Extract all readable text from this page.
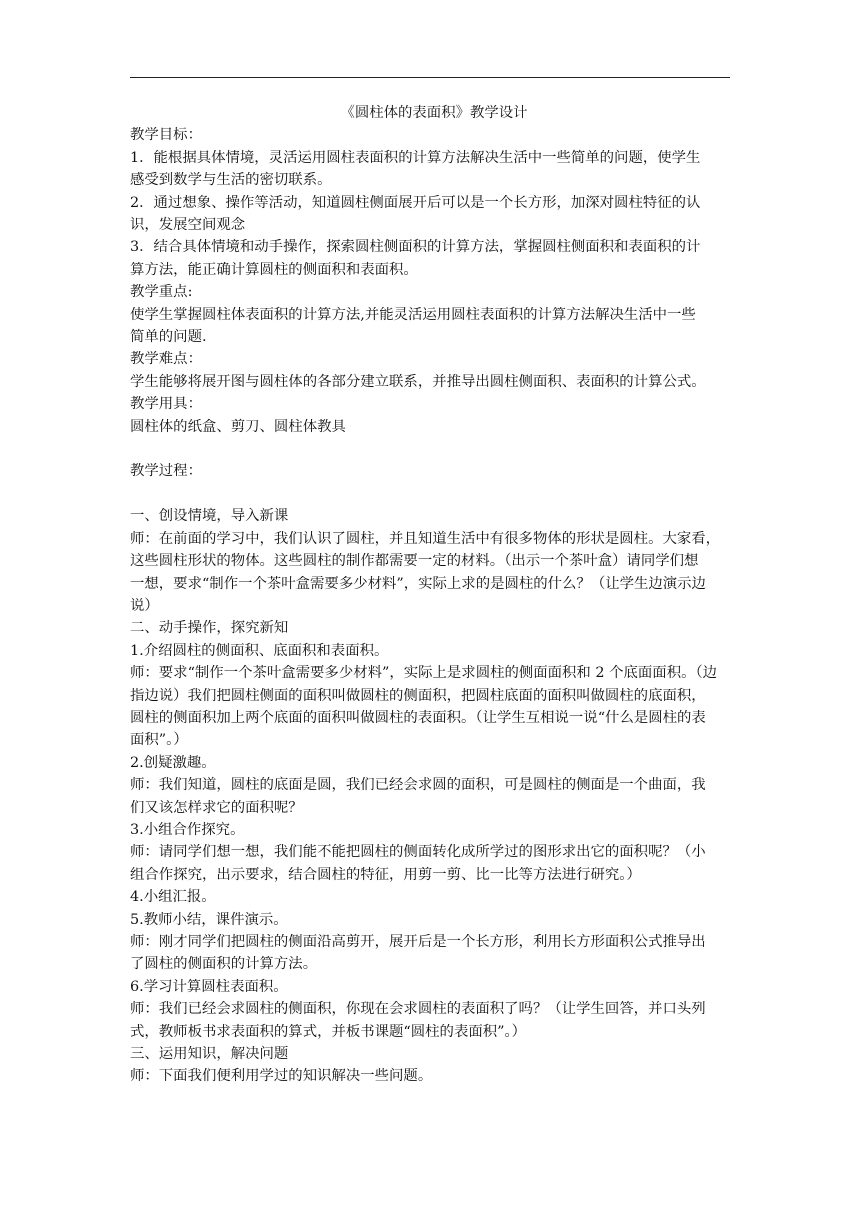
《圆柱体的表面积》教学设计
教学目标：
1．能根据具体情境，灵活运用圆柱表面积的计算方法解决生活中一些简单的问题，使学生
感受到数学与生活的密切联系。
2．通过想象、操作等活动，知道圆柱侧面展开后可以是一个长方形，加深对圆柱特征的认
识，发展空间观念
3．结合具体情境和动手操作，探索圆柱侧面积的计算方法，掌握圆柱侧面积和表面积的计
算方法，能正确计算圆柱的侧面积和表面积。
教学重点:
使学生掌握圆柱体表面积的计算方法,并能灵活运用圆柱表面积的计算方法解决生活中一些
简单的问题.
教学难点：
学生能够将展开图与圆柱体的各部分建立联系，并推导出圆柱侧面积、表面积的计算公式。
教学用具：
圆柱体的纸盒、剪刀、圆柱体教具
教学过程：
一、创设情境，导入新课
师：在前面的学习中，我们认识了圆柱，并且知道生活中有很多物体的形状是圆柱。大家看，
这些圆柱形状的物体。这些圆柱的制作都需要一定的材料。（出示一个茶叶盒）请同学们想
一想，要求“制作一个茶叶盒需要多少材料”，实际上求的是圆柱的什么？（让学生边演示边
说）
二、动手操作，探究新知
1.介绍圆柱的侧面积、底面积和表面积。
师：要求“制作一个茶叶盒需要多少材料”，实际上是求圆柱的侧面面积和 2 个底面面积。（边
指边说）我们把圆柱侧面的面积叫做圆柱的侧面积，把圆柱底面的面积叫做圆柱的底面积，
圆柱的侧面积加上两个底面的面积叫做圆柱的表面积。（让学生互相说一说“什么是圆柱的表
面积”。）
2.创疑激趣。
师：我们知道，圆柱的底面是圆，我们已经会求圆的面积，可是圆柱的侧面是一个曲面，我
们又该怎样求它的面积呢？
3.小组合作探究。
师：请同学们想一想，我们能不能把圆柱的侧面转化成所学过的图形求出它的面积呢？（小
组合作探究，出示要求，结合圆柱的特征，用剪一剪、比一比等方法进行研究。）
4.小组汇报。
5.教师小结，课件演示。
师：刚才同学们把圆柱的侧面沿高剪开，展开后是一个长方形，利用长方形面积公式推导出
了圆柱的侧面积的计算方法。
6.学习计算圆柱表面积。
师：我们已经会求圆柱的侧面积，你现在会求圆柱的表面积了吗？（让学生回答，并口头列
式，教师板书求表面积的算式，并板书课题“圆柱的表面积”。）
三、运用知识，解决问题
师：下面我们便利用学过的知识解决一些问题。
